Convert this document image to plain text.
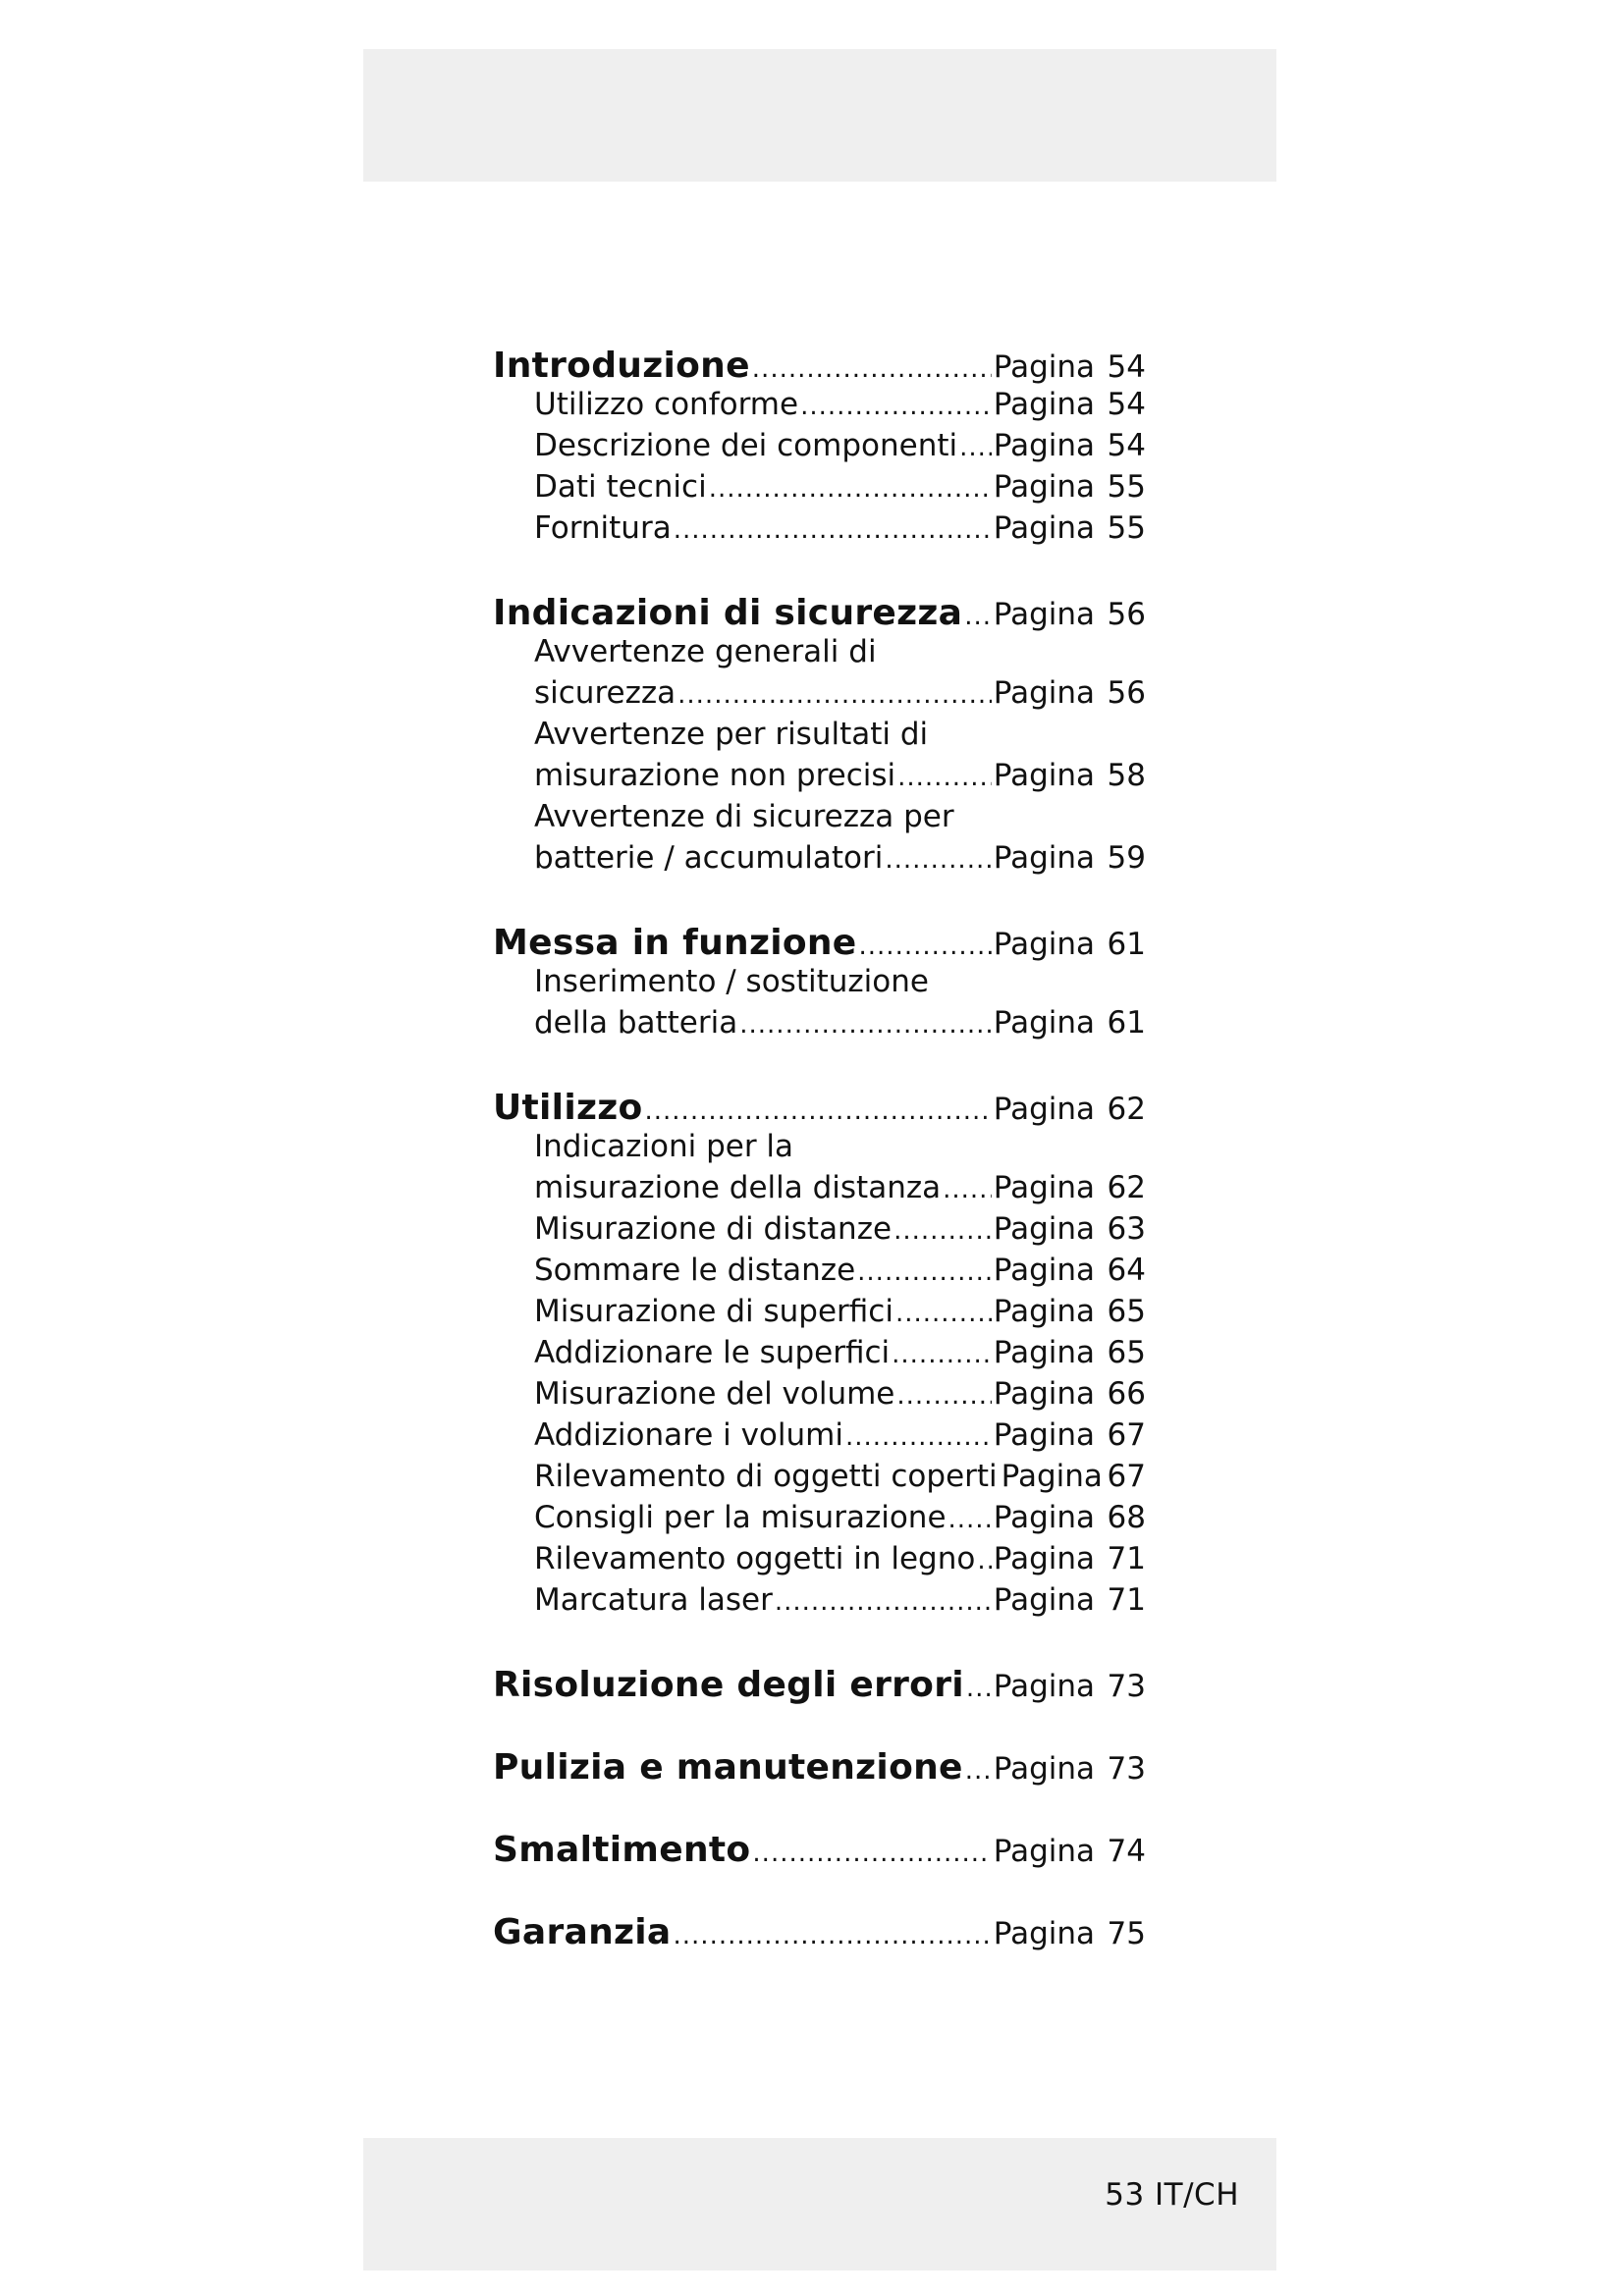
Introduzione .....	Pagina 54
Utilizzo conforme .....	Pagina 54
Descrizione dei componenti ..... Pagina 54
Dati tecnici .....	Pagina 55
Fornitura .....	Pagina 55
Indicazioni di sicurezza ..... Pagina 56
Avvertenze generali di
sicurezza .....	Pagina 56
Avvertenze per risultati di
misurazione non precisi .....	Pagina 58
Avvertenze di sicurezza per
batterie / accumulatori .....	Pagina 59
Messa in funzione .....	Pagina 61
Inserimento / sostituzione
della batteria .....	Pagina 61
Utilizzo .....	Pagina 62
Indicazioni per la
misurazione della distanza ..... Pagina 62
Misurazione di distanze .....	Pagina 63
Sommare le distanze .....	Pagina 64
Misurazione di superfici .....	Pagina 65
Addizionare le superfici .....	Pagina 65
Misurazione del volume .....	Pagina 66
Addizionare i volumi .....	Pagina 67
Rilevamento di oggetti coperti Pagina 67
Consigli per la misurazione ..... Pagina 68
Rilevamento oggetti in legno ..... Pagina 71
Marcatura laser .....	Pagina 71
Risoluzione degli errori ..... Pagina 73
Pulizia e manutenzione ..... Pagina 73
Smaltimento .....	Pagina 74
Garanzia .....	Pagina 75
53 IT/CH
